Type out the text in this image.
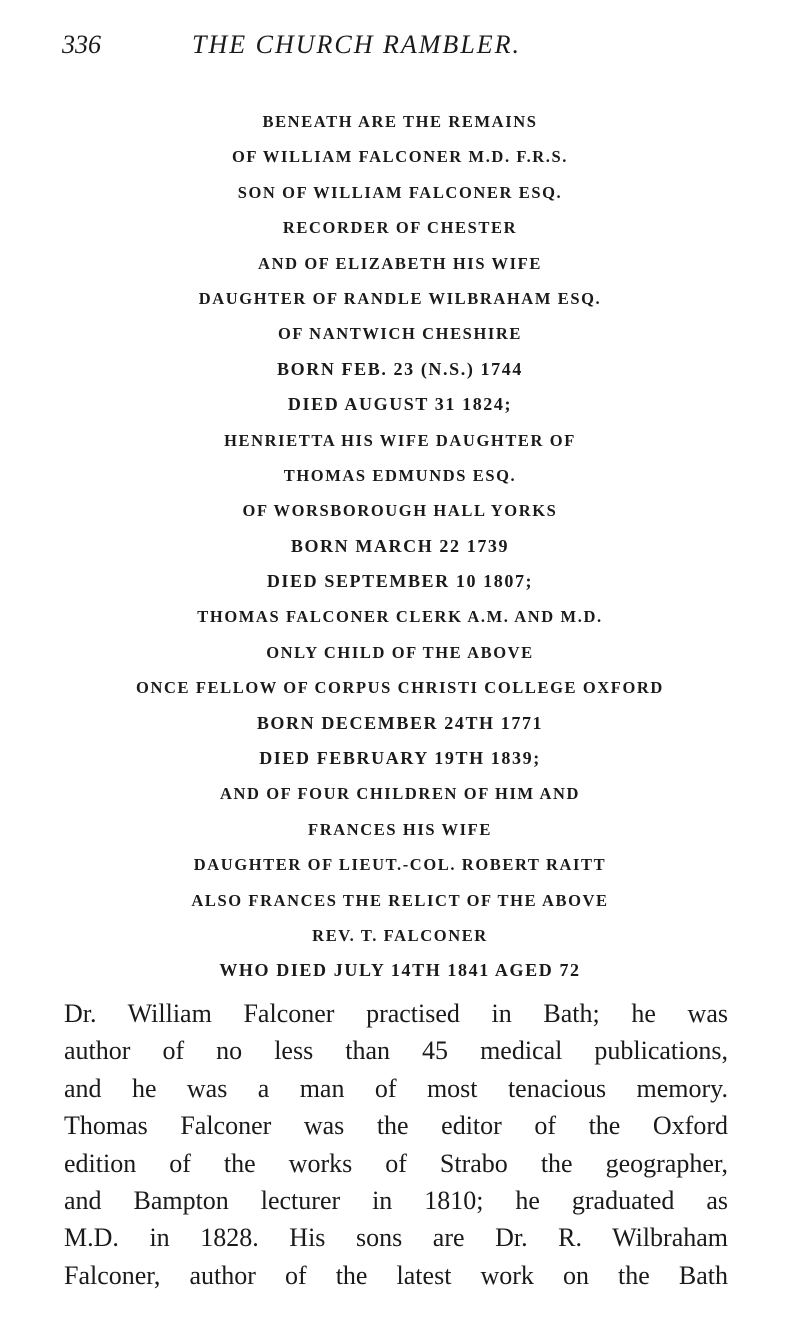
336	THE CHURCH RAMBLER.
BENEATH ARE THE REMAINS
OF WILLIAM FALCONER M.D. F.R.S.
SON OF WILLIAM FALCONER ESQ.
RECORDER OF CHESTER
AND OF ELIZABETH HIS WIFE
DAUGHTER OF RANDLE WILBRAHAM ESQ.
OF NANTWICH CHESHIRE
BORN FEB. 23 (N.S.) 1744
DIED AUGUST 31 1824;
HENRIETTA HIS WIFE DAUGHTER OF
THOMAS EDMUNDS ESQ.
OF WORSBOROUGH HALL YORKS
BORN MARCH 22 1739
DIED SEPTEMBER 10 1807;
THOMAS FALCONER CLERK A.M. AND M.D.
ONLY CHILD OF THE ABOVE
ONCE FELLOW OF CORPUS CHRISTI COLLEGE OXFORD
BORN DECEMBER 24TH 1771
DIED FEBRUARY 19TH 1839;
AND OF FOUR CHILDREN OF HIM AND
FRANCES HIS WIFE
DAUGHTER OF LIEUT.-COL. ROBERT RAITT
ALSO FRANCES THE RELICT OF THE ABOVE
REV. T. FALCONER
WHO DIED JULY 14TH 1841 AGED 72
Dr. William Falconer practised in Bath; he was
author of no less than 45 medical publications,
and he was a man of most tenacious memory.
Thomas Falconer was the editor of the Oxford
edition of the works of Strabo the geographer,
and Bampton lecturer in 1810; he graduated as
M.D. in 1828. His sons are Dr. R. Wilbraham
Falconer, author of the latest work on the Bath
